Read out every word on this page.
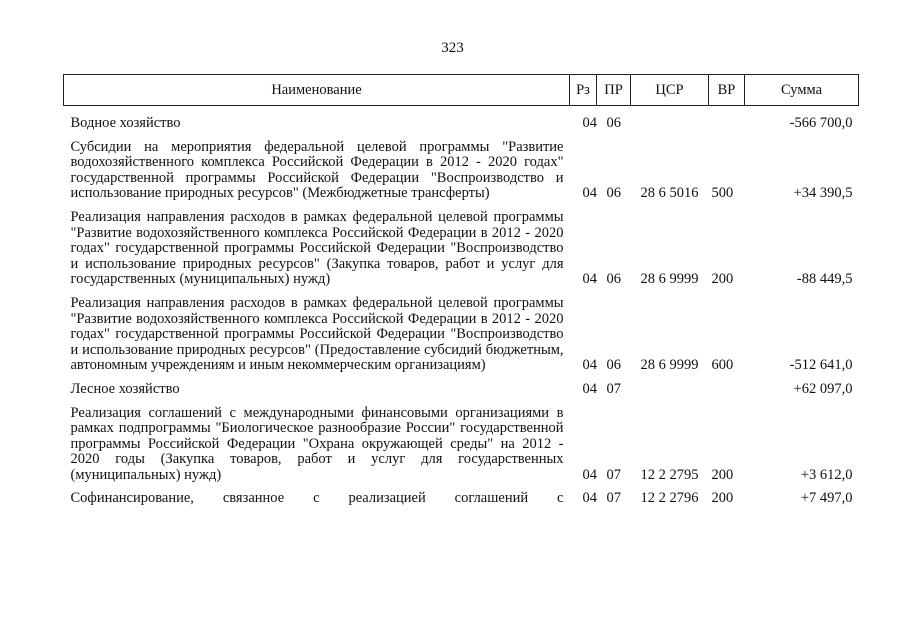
323
Наименование	Рз	ПР	ЦСР	ВР	Сумма
Водное хозяйство	04	06			-566 700,0
Субсидии на мероприятия федеральной целевой программы "Развитие водохозяйственного комплекса Российской Федерации в 2012 - 2020 годах" государственной программы Российской Федерации "Воспроизводство и использование природных ресурсов" (Межбюджетные трансферты)	04	06	28 6 5016	500	+34 390,5
Реализация направления расходов в рамках федеральной целевой программы "Развитие водохозяйственного комплекса Российской Федерации в 2012 - 2020 годах" государственной программы Российской Федерации "Воспроизводство и использование природных ресурсов" (Закупка товаров, работ и услуг для государственных (муниципальных) нужд)	04	06	28 6 9999	200	-88 449,5
Реализация направления расходов в рамках федеральной целевой программы "Развитие водохозяйственного комплекса Российской Федерации в 2012 - 2020 годах" государственной программы Российской Федерации "Воспроизводство и использование природных ресурсов" (Предоставление субсидий бюджетным, автономным учреждениям и иным некоммерческим организациям)	04	06	28 6 9999	600	-512 641,0
Лесное хозяйство	04	07			+62 097,0
Реализация соглашений с международными финансовыми организациями в рамках подпрограммы "Биологическое разнообразие России" государственной программы Российской Федерации "Охрана окружающей среды" на 2012 - 2020 годы (Закупка товаров, работ и услуг для государственных (муниципальных) нужд)	04	07	12 2 2795	200	+3 612,0
Софинансирование, связанное с реализацией соглашений с	04	07	12 2 2796	200	+7 497,0
